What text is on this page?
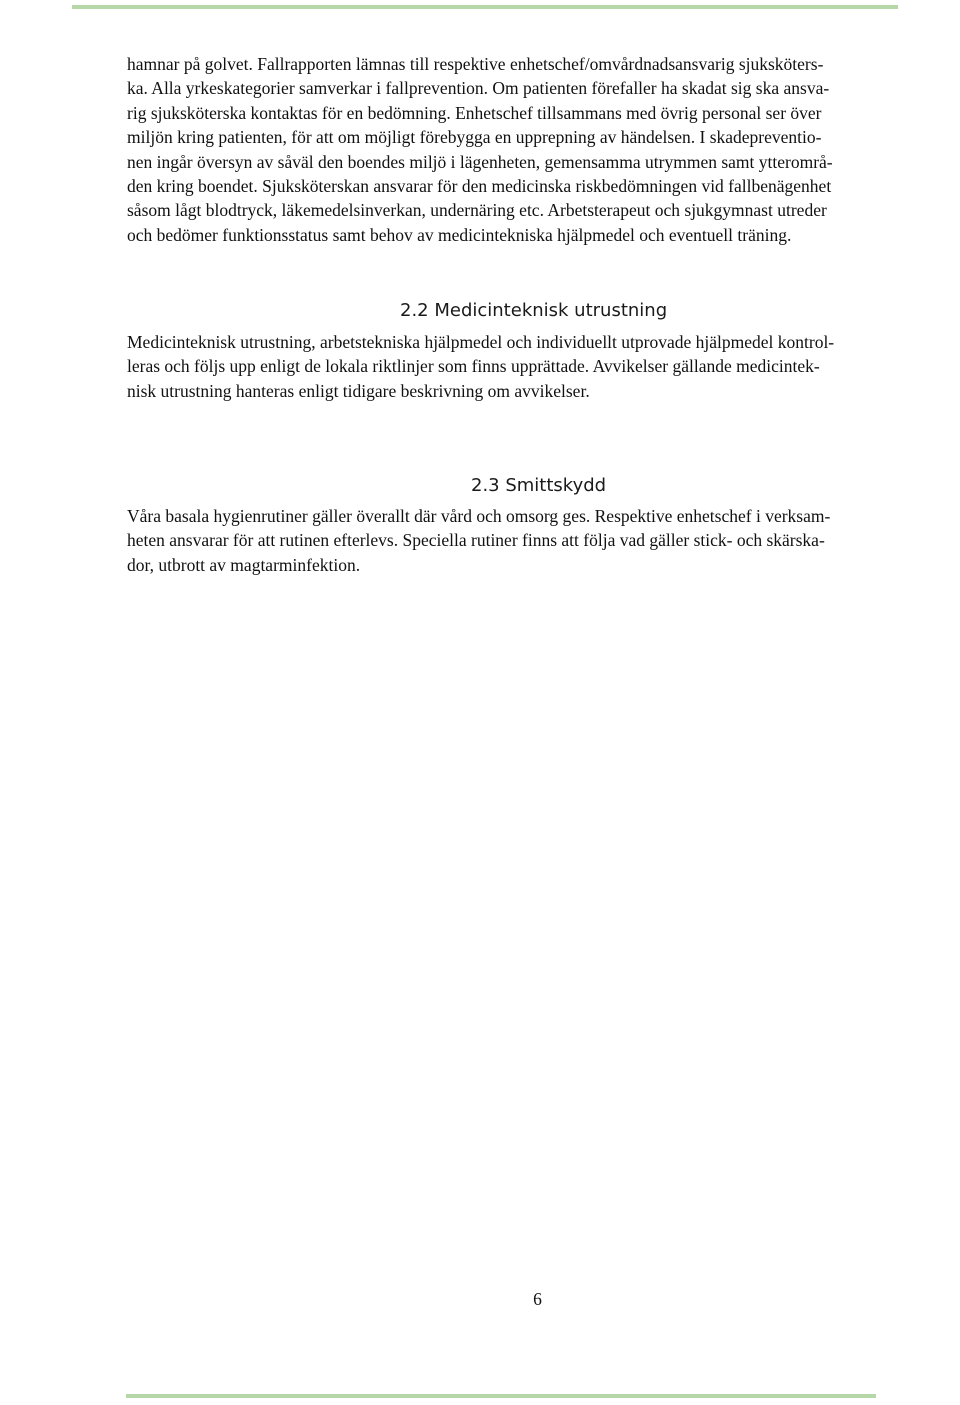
hamnar på golvet. Fallrapporten lämnas till respektive enhetschef/omvårdnadsansvarig sjuksköters-
ka. Alla yrkeskategorier samverkar i fallprevention. Om patienten förefaller ha skadat sig ska ansva-
rig sjuksköterska kontaktas för en bedömning. Enhetschef tillsammans med övrig personal ser över
miljön kring patienten, för att om möjligt förebygga en upprepning av händelsen. I skadepreventio-
nen ingår översyn av såväl den boendes miljö i lägenheten, gemensamma utrymmen samt ytterområ-
den kring boendet. Sjuksköterskan ansvarar för den medicinska riskbedömningen vid fallbenägenhet
såsom lågt blodtryck, läkemedelsinverkan, undernäring etc. Arbetsterapeut och sjukgymnast utreder
och bedömer funktionsstatus samt behov av medicintekniska hjälpmedel och eventuell träning.
2.2 Medicinteknisk utrustning
Medicinteknisk utrustning, arbetstekniska hjälpmedel och individuellt utprovade hjälpmedel kontrol-
leras och följs upp enligt de lokala riktlinjer som finns upprättade. Avvikelser gällande medicintek-
nisk utrustning hanteras enligt tidigare beskrivning om avvikelser.
2.3 Smittskydd
Våra basala hygienrutiner gäller överallt där vård och omsorg ges. Respektive enhetschef i verksam-
heten ansvarar för att rutinen efterlevs. Speciella rutiner finns att följa vad gäller stick- och skärska-
dor, utbrott av magtarminfektion.
6
